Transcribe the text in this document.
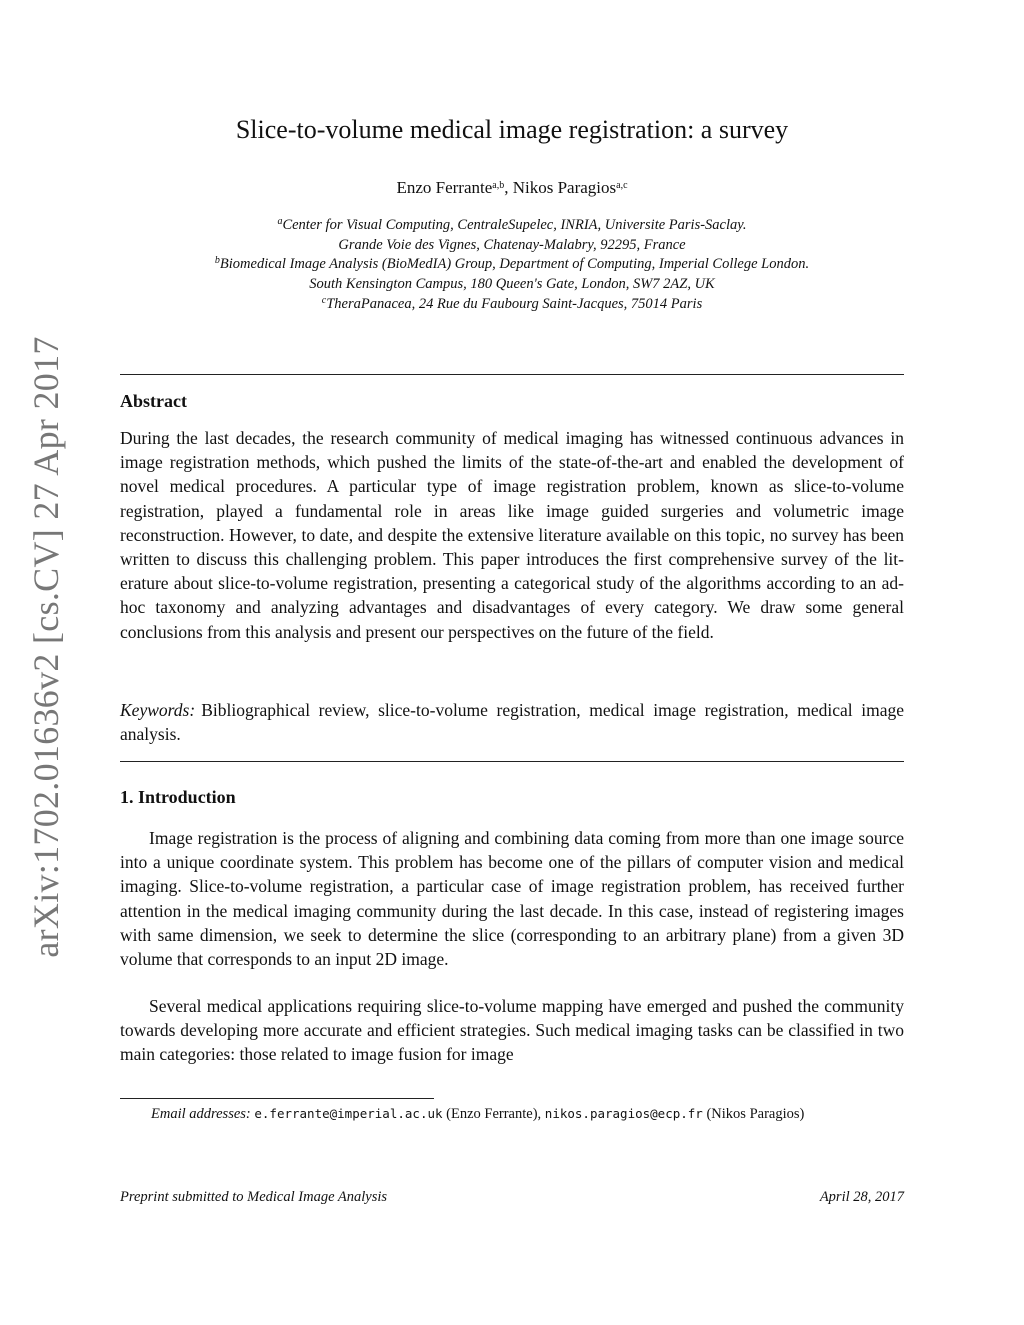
arXiv:1702.01636v2 [cs.CV] 27 Apr 2017
Slice-to-volume medical image registration: a survey
Enzo Ferrante$^{a,b}$, Nikos Paragios$^{a,c}$
$^a$Center for Visual Computing, CentraleSupelec, INRIA, Universite Paris-Saclay.
Grande Voie des Vignes, Chatenay-Malabry, 92295, France
$^b$Biomedical Image Analysis (BioMedIA) Group, Department of Computing, Imperial College London.
South Kensington Campus, 180 Queen's Gate, London, SW7 2AZ, UK
$^c$TheraPanacea, 24 Rue du Faubourg Saint-Jacques, 75014 Paris
Abstract
During the last decades, the research community of medical imaging has witnessed continuous advances in image registration methods, which pushed the limits of the state-of-the-art and enabled the development of novel medical procedures. A particular type of image registration problem, known as slice-to-volume registration, played a fundamental role in areas like image guided surgeries and volumetric image reconstruction. However, to date, and despite the extensive literature available on this topic, no survey has been written to discuss this challenging problem. This paper introduces the first comprehensive survey of the literature about slice-to-volume registration, presenting a categorical study of the algorithms according to an ad-hoc taxonomy and analyzing advantages and disadvantages of every category. We draw some general conclusions from this analysis and present our perspectives on the future of the field.
Keywords: Bibliographical review, slice-to-volume registration, medical image registration, medical image analysis.
1. Introduction
Image registration is the process of aligning and combining data coming from more than one image source into a unique coordinate system. This problem has become one of the pillars of computer vision and medical imaging. Slice-to-volume registration, a particular case of image registration problem, has received further attention in the medical imaging community during the last decade. In this case, instead of registering images with same dimension, we seek to determine the slice (corresponding to an arbitrary plane) from a given 3D volume that corresponds to an input 2D image.
Several medical applications requiring slice-to-volume mapping have emerged and pushed the community towards developing more accurate and efficient strategies. Such medical imaging tasks can be classified in two main categories: those related to image fusion for image
Email addresses: e.ferrante@imperial.ac.uk (Enzo Ferrante), nikos.paragios@ecp.fr (Nikos Paragios)
Preprint submitted to Medical Image Analysis	April 28, 2017
